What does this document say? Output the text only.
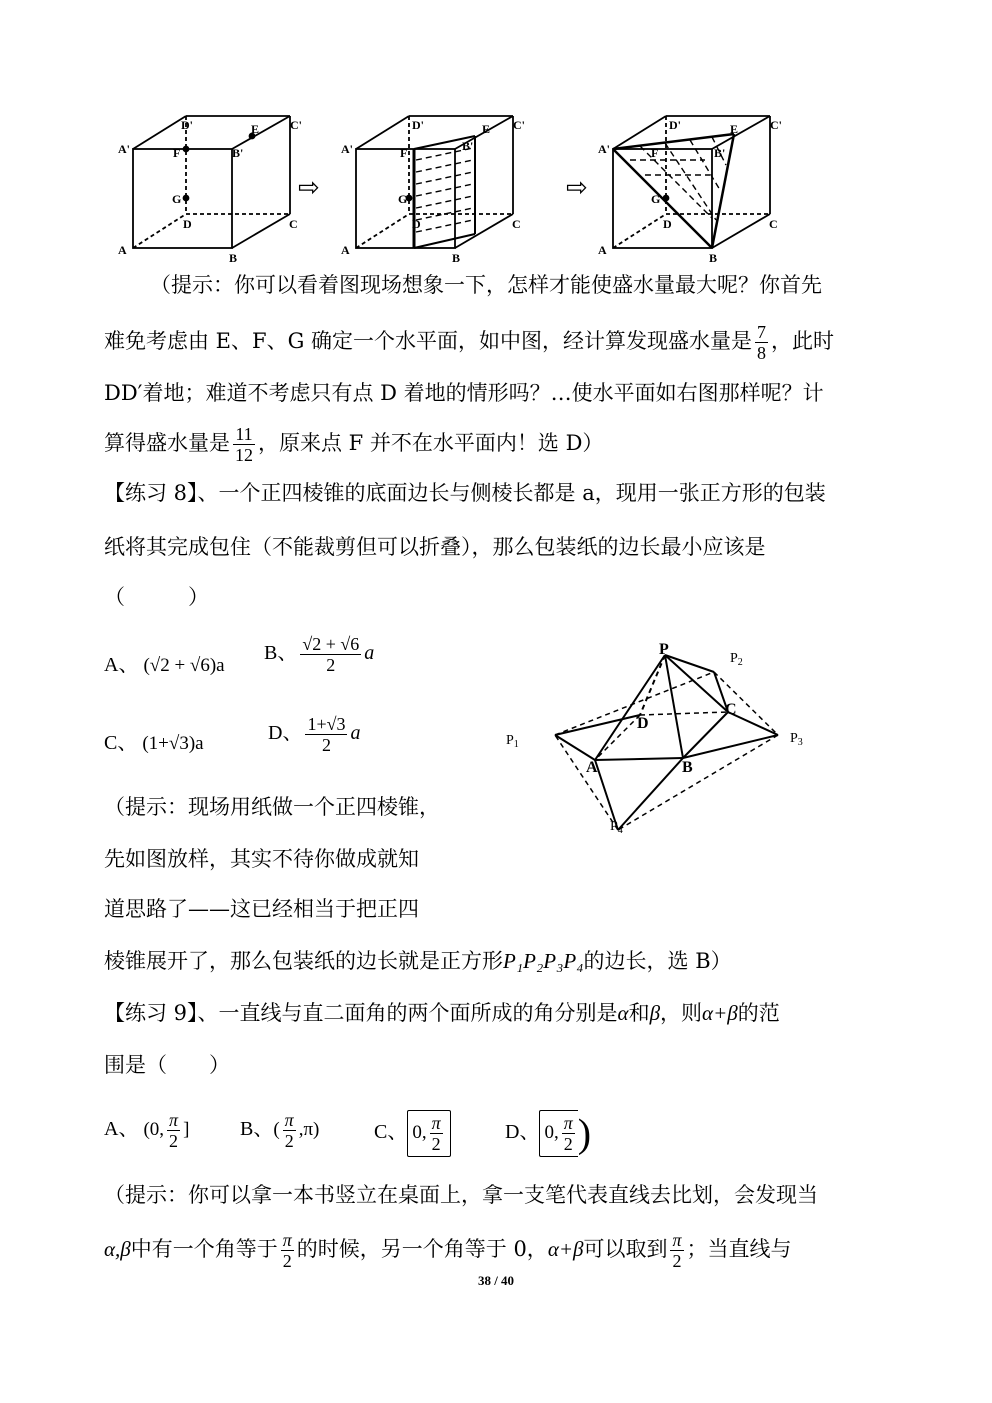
A'
D'	E	C'
F	B'
G
D	C
A
B
A'
D'	E C'
F	B'
G
D	C
A
B
A'
D'	E	C'
F	B'
G
D	C
A
B
⇨	⇨
（提示：你可以看着图现场想象一下，怎样才能使盛水量最大呢？你首先
难免考虑由 E、F、G 确定一个水平面，如中图，经计算发现盛水量是 $\frac{7}{8}$ ，此时
DD′着地；难道不考虑只有点 D 着地的情形吗？…使水平面如右图那样呢？计
算得盛水量是 $\frac{11}{12}$ ，原来点 F 并不在水平面内！选 D）
【练习 8】、一个正四棱锥的底面边长与侧棱长都是 a，现用一张正方形的包装
纸将其完成包住（不能裁剪但可以折叠），那么包装纸的边长最小应该是
（　　　）
A、 (√2 + √6)a
B、 $\frac{√2 + √6}{2}$ a
C、 (1+√3)a	D、 $\frac{1+√3}{2}$ a
P
D
C
A	B
$P_1$
$P_2$
$P_3$
$P_4$
（提示：现场用纸做一个正四棱锥，
先如图放样，其实不待你做成就知
道思路了——这已经相当于把正四
棱锥展开了，那么包装纸的边长就是正方形P₁P₂P₃P₄的边长，选 B）
【练习 9】、一直线与直二面角的两个面所成的角分别是α和β，则α+β的范
围是（　　）
A、 (0, $\frac{\pi}{2}$ ]	B、( $\frac{\pi}{2} ,\pi$)	C、 0, $\frac{\pi}{2}$	D、 0, $\frac{\pi}{2}$ )
（提示：你可以拿一本书竖立在桌面上，拿一支笔代表直线去比划，会发现当
α,β中有一个角等于 $\frac{\pi}{2}$ 的时候，另一个角等于 0，α+β可以取到 $\frac{\pi}{2}$ ；当直线与
38 / 40
